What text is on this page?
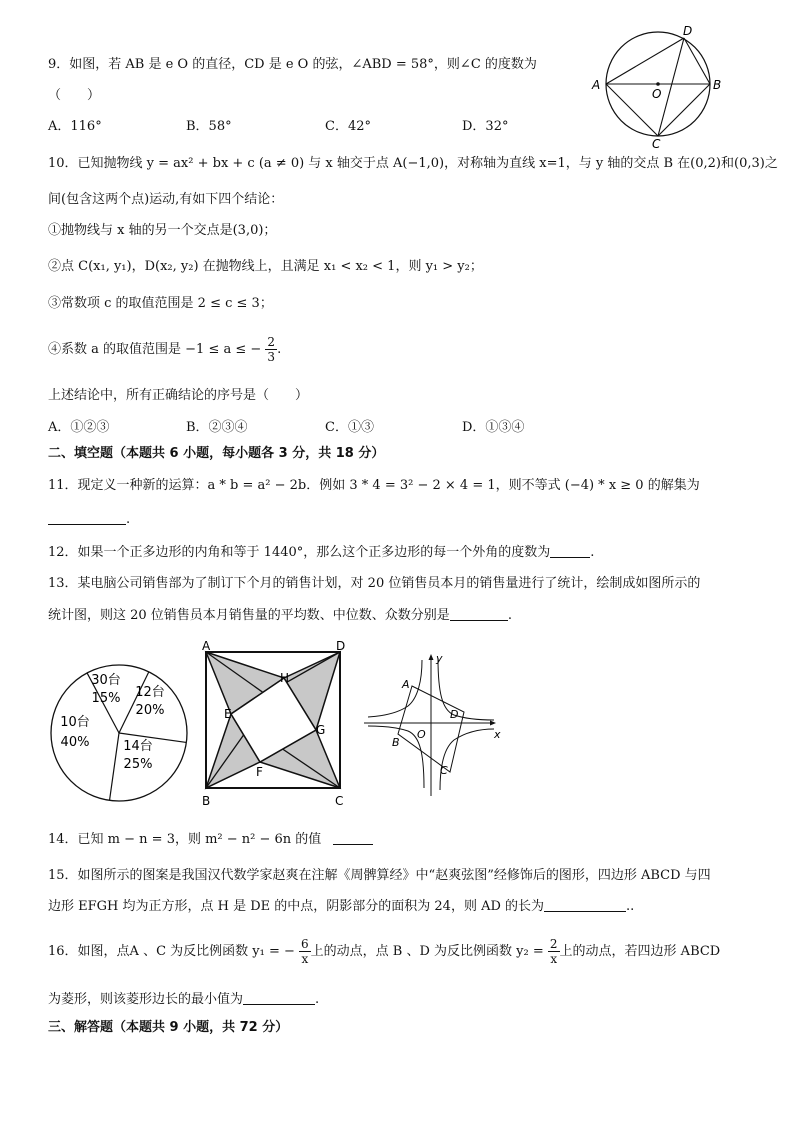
9．如图，若 AB 是 e O 的直径，CD 是 e O 的弦，∠ABD = 58°，则∠C 的度数为
（　　）
A．116°	B．58°	C．42°	D．32°
A	B
C
D
O
10．已知抛物线 y = ax² + bx + c (a ≠ 0) 与 x 轴交于点 A(−1,0)，对称轴为直线 x=1，与 y 轴的交点 B 在(0,2)和(0,3)之
间(包含这两个点)运动,有如下四个结论：
①抛物线与 x 轴的另一个交点是(3,0)；
②点 C(x₁, y₁)，D(x₂, y₂) 在抛物线上，且满足 x₁ < x₂ < 1，则 y₁ > y₂；
③常数项 c 的取值范围是 2 ≤ c ≤ 3；
④系数 a 的取值范围是 −1 ≤ a ≤ − $\frac{2}{3}$ .
上述结论中，所有正确结论的序号是（　　）
A．①②③	B．②③④	C．①③	D．①③④
二、填空题（本题共 6 小题，每小题各 3 分，共 18 分）
11．现定义一种新的运算：a * b = a² − 2b．例如 3 * 4 = 3² − 2 × 4 = 1，则不等式 (−4) * x ≥ 0 的解集为
.
12．如果一个正多边形的内角和等于 1440°，那么这个正多边形的每一个外角的度数为	.
13．某电脑公司销售部为了制订下个月的销售计划，对 20 位销售员本月的销售量进行了统计，绘制成如图所示的
统计图，则这 20 位销售员本月销售量的平均数、中位数、众数分别是	.
30台
15% 12台
20%
14台
25%
10台
40%
A	D
B	C
H
E
G
F
y
x
O
A
B
C
D
14．已知 m − n = 3，则 m² − n² − 6n 的值
15．如图所示的图案是我国汉代数学家赵爽在注解《周髀算经》中“赵爽弦图”经修饰后的图形，四边形 ABCD 与四
边形 EFGH 均为正方形，点 H 是 DE 的中点，阴影部分的面积为 24，则 AD 的长为	..
16．如图，点A 、C 为反比例函数 y₁ = − $\frac{6}{x}$ 上的动点，点 B 、D 为反比例函数 $y_2 = \frac{2}{x}$ 上的动点，若四边形 ABCD
为菱形，则该菱形边长的最小值为	.
三、解答题（本题共 9 小题，共 72 分）
